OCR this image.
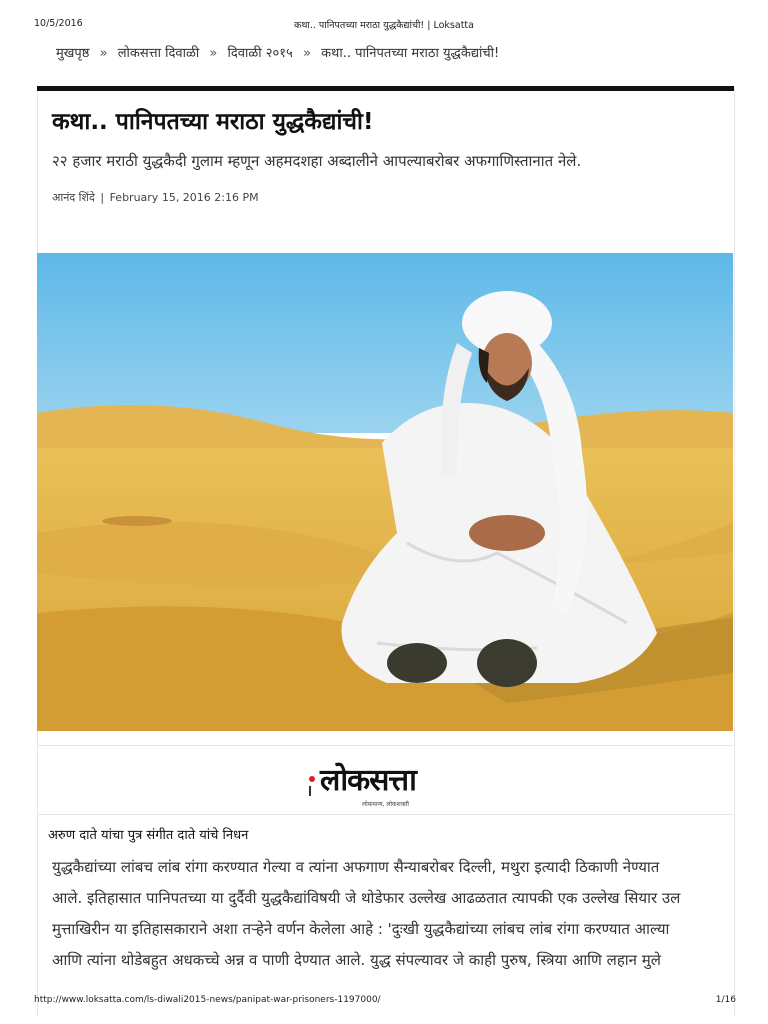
10/5/2016	कथा.. पानिपतच्या मराठा युद्धकैद्यांची! | Loksatta
मुखपृष्ठ » लोकसत्ता दिवाळी » दिवाळी २०१५ » कथा.. पानिपतच्या मराठा युद्धकैद्यांची!
कथा.. पानिपतच्या मराठा युद्धकैद्यांची!
२२ हजार मराठी युद्धकैदी गुलाम म्हणून अहमदशहा अब्दालीने आपल्याबरोबर अफगाणिस्तानात नेले.
आनंद शिंदे | February 15, 2016 2:16 PM
लोकसत्ता
लोकमान्य, लोकशक्ती
अरुण दाते यांचा पुत्र संगीत दाते यांचे निधन

युद्धकैद्यांच्या लांबच लांब रांगा करण्यात गेल्या व त्यांना अफगाण सैन्याबरोबर दिल्ली, मथुरा इत्यादी ठिकाणी नेण्यात

आले. इतिहासात पानिपतच्या या दुर्दैवी युद्धकैद्यांविषयी जे थोडेफार उल्लेख आढळतात त्यापकी एक उल्लेख सियार उल

मुत्ताखिरीन या इतिहासकाराने अशा तऱ्हेने वर्णन केलेला आहे : 'दुःखी युद्धकैद्यांच्या लांबच लांब रांगा करण्यात आल्या

आणि त्यांना थोडेबहुत अधकच्चे अन्न व पाणी देण्यात आले. युद्ध संपल्यावर जे काही पुरुष, स्त्रिया आणि लहान मुले

http://www.loksatta.com/ls-diwali2015-news/panipat-war-prisoners-1197000/	1/16
